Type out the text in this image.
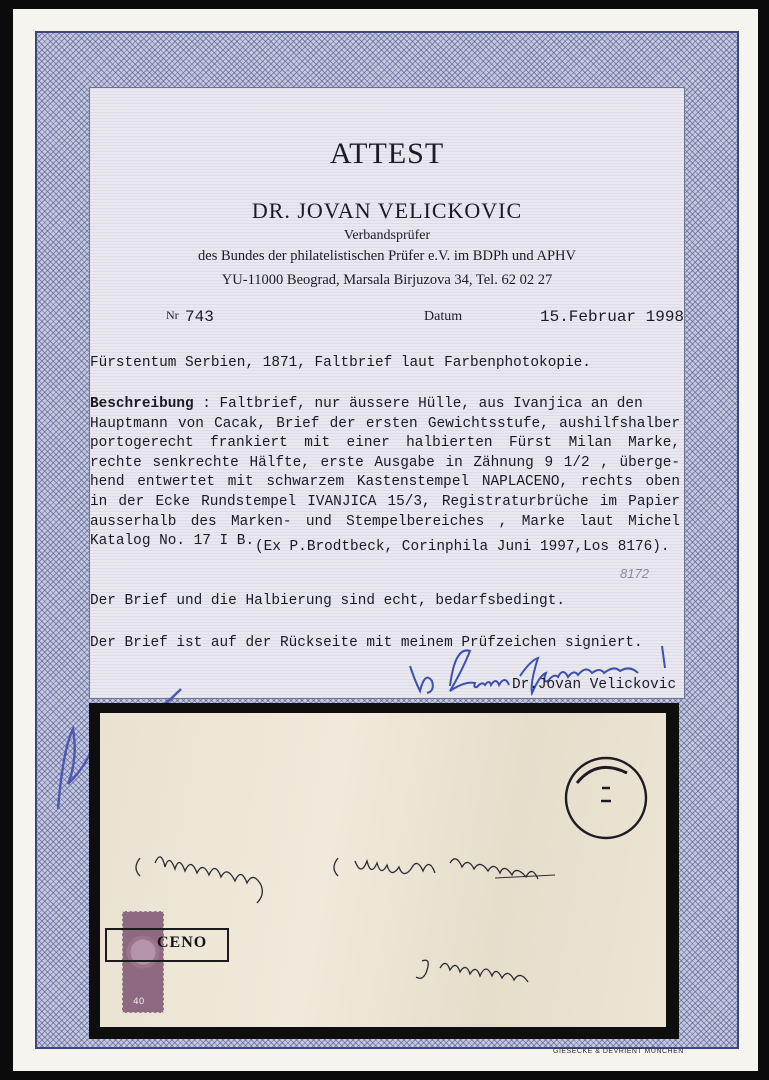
ATTEST
DR. JOVAN VELICKOVIC
Verbandsprüfer
des Bundes der philatelistischen Prüfer e.V. im BDPh und APHV
YU-11000 Beograd, Marsala Birjuzova 34, Tel. 62 02 27
Nr 743	Datum	15.Februar 1998
Fürstentum Serbien, 1871, Faltbrief laut Farbenphotokopie.
Beschreibung : Faltbrief, nur äussere Hülle, aus Ivanjica an den
Hauptmann von Cacak, Brief der ersten Gewichtsstufe, aushilfshalber
portogerecht frankiert mit einer halbierten Fürst Milan Marke,
rechte senkrechte Hälfte, erste Ausgabe in Zähnung 9 1/2 , übergе-
hend entwertet mit schwarzem Kastenstempel NAPLACENO, rechts oben
in der Ecke Rundstempel IVANJICA 15/3, Registraturbrüche im Papier
ausserhalb des Marken- und Stempelbereiches , Marke laut Michel
Katalog No. 17 I B. (Ex P.Brodtbeck, Corinphila Juni 1997,Los 8176).
8172
Der Brief und die Halbierung sind echt, bedarfsbedingt.
Der Brief ist auf der Rückseite mit meinem Prüfzeichen signiert.
Dr.Jovan Velickovic
40
CENO
GIESECKE & DEVRIENT MÜNCHEN
